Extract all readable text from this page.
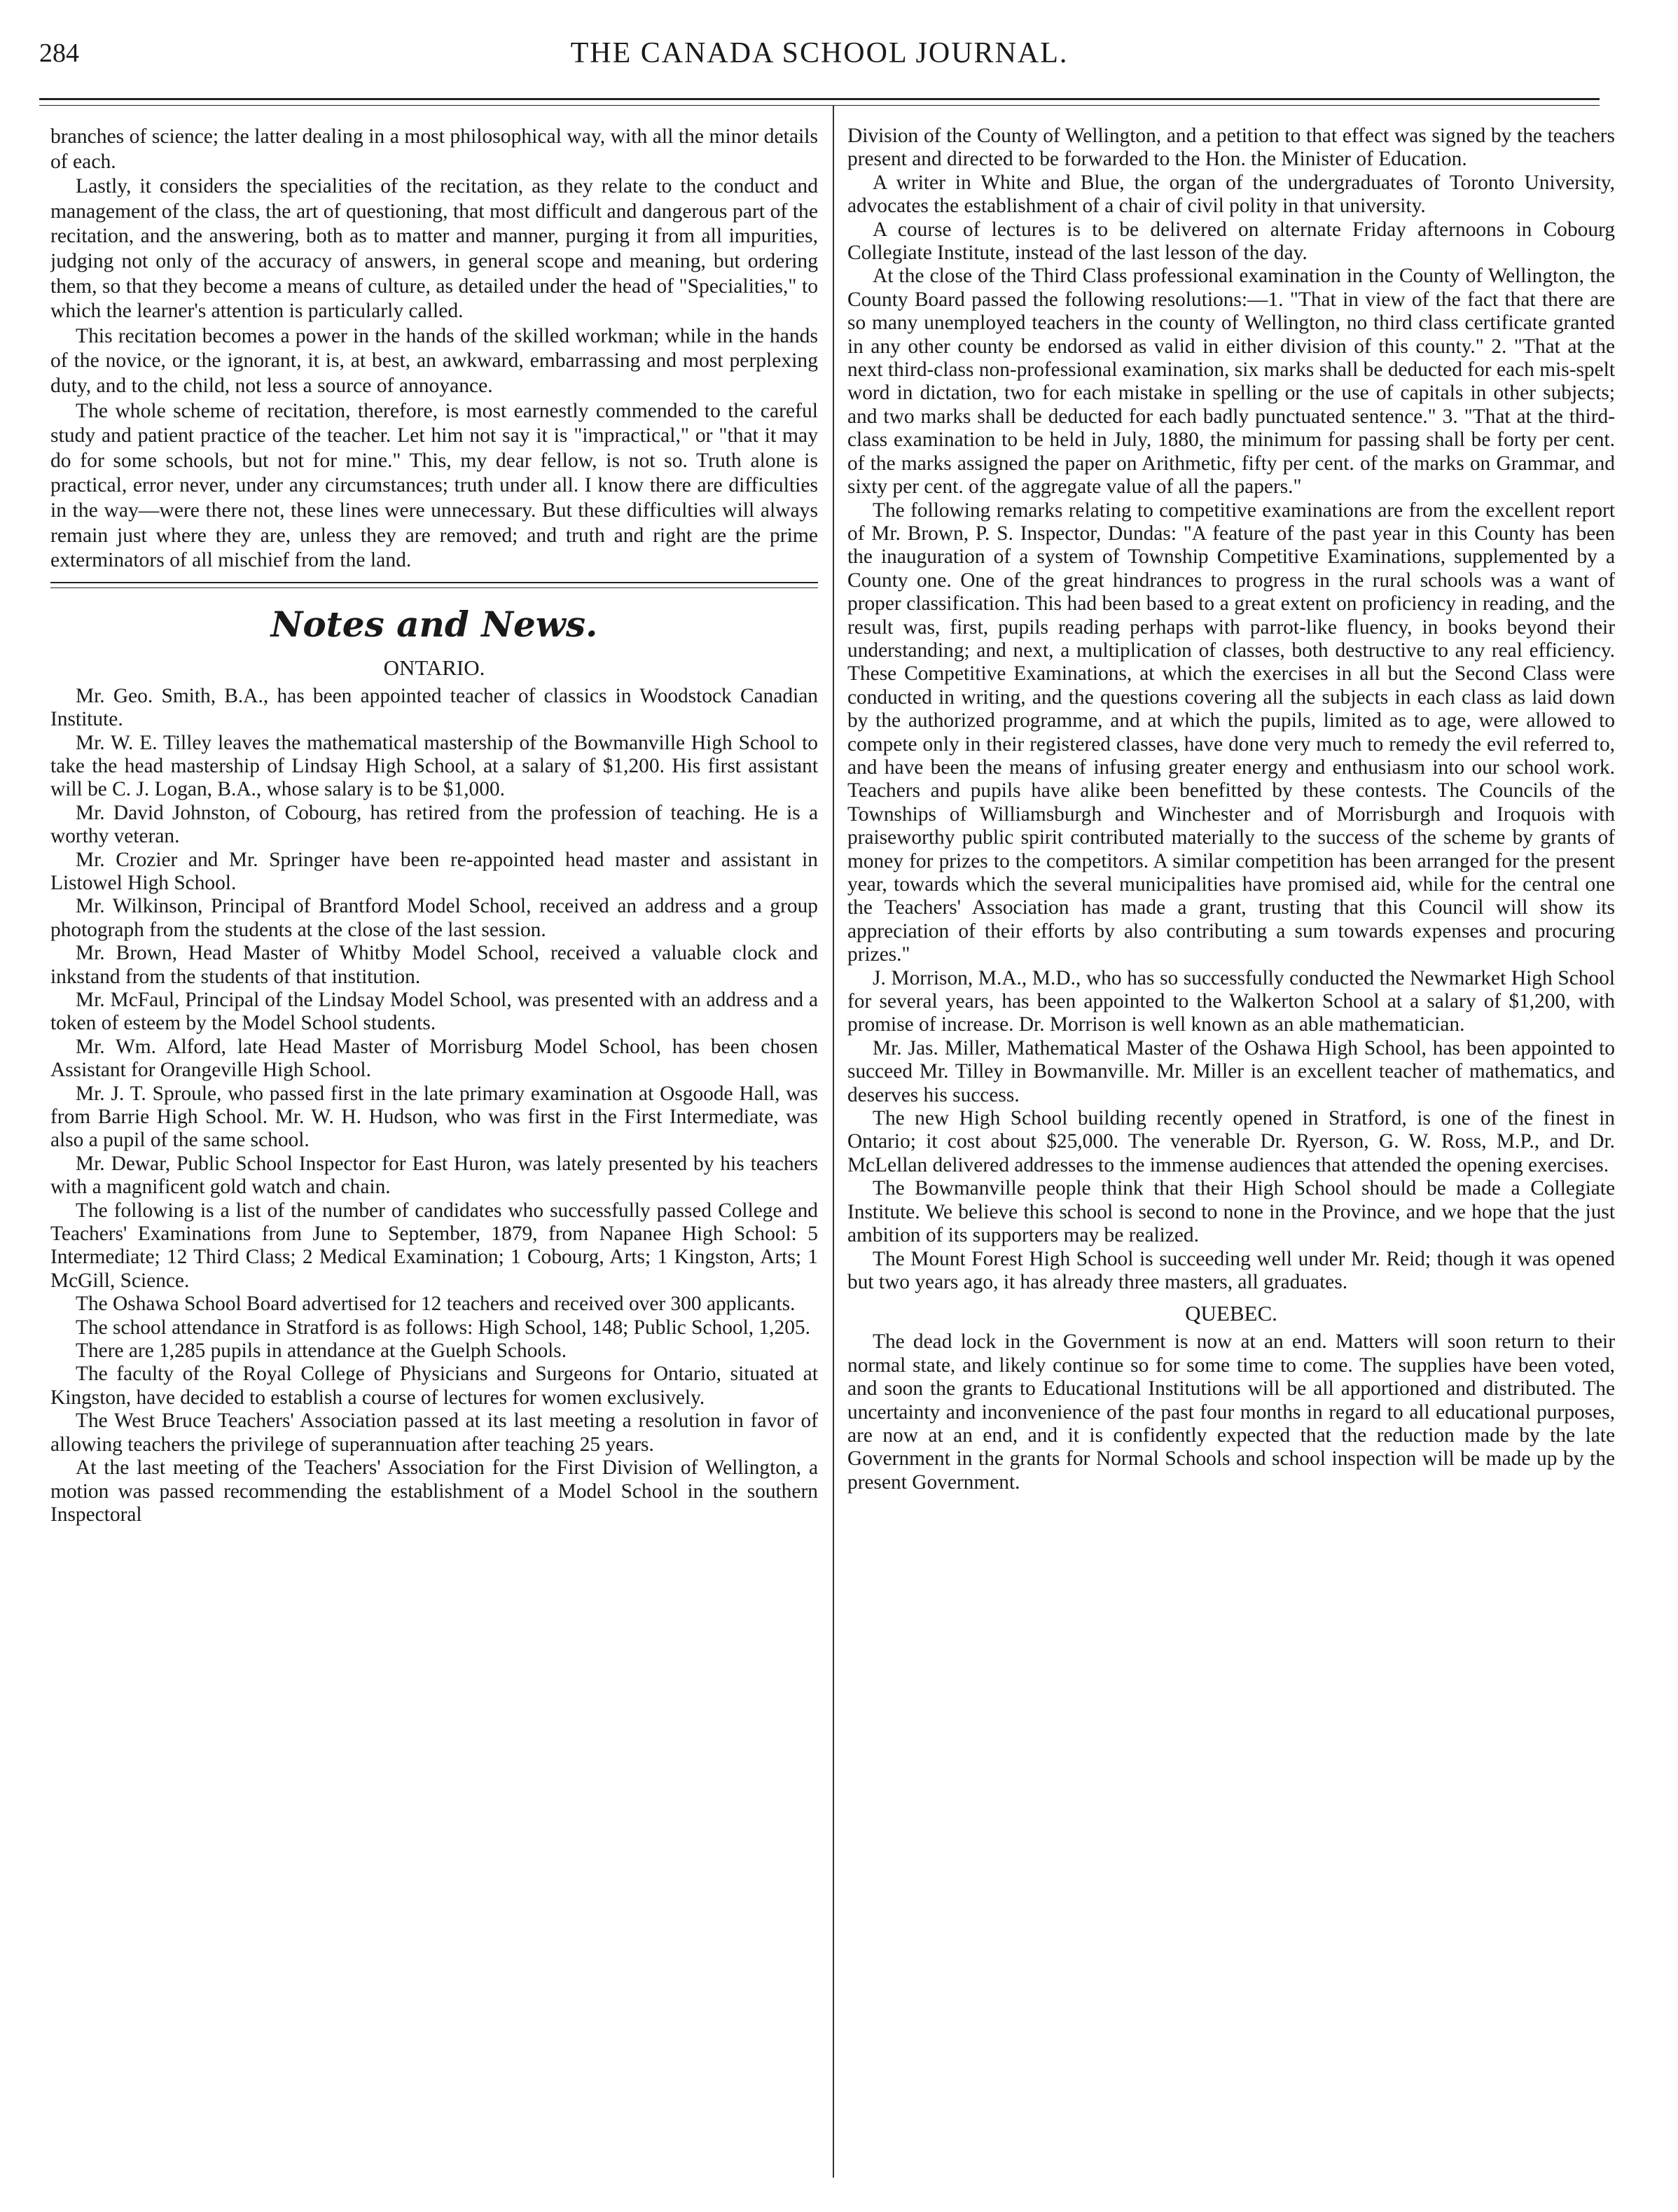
284	THE CANADA SCHOOL JOURNAL.

branches of science; the latter dealing in a most philosophical way, with all the minor details of each.

Lastly, it considers the specialities of the recitation, as they relate to the conduct and management of the class, the art of questioning, that most difficult and dangerous part of the recitation, and the answering, both as to matter and manner, purging it from all impurities, judging not only of the accuracy of answers, in general scope and meaning, but ordering them, so that they become a means of culture, as detailed under the head of "Specialities," to which the learner's attention is particularly called.

This recitation becomes a power in the hands of the skilled workman; while in the hands of the novice, or the ignorant, it is, at best, an awkward, embarrassing and most perplexing duty, and to the child, not less a source of annoyance.

The whole scheme of recitation, therefore, is most earnestly commended to the careful study and patient practice of the teacher. Let him not say it is "impractical," or "that it may do for some schools, but not for mine." This, my dear fellow, is not so. Truth alone is practical, error never, under any circumstances; truth under all. I know there are difficulties in the way—were there not, these lines were unnecessary. But these difficulties will always remain just where they are, unless they are removed; and truth and right are the prime exterminators of all mischief from the land.

Notes and News.
ONTARIO.

Mr. Geo. Smith, B.A., has been appointed teacher of classics in Woodstock Canadian Institute.

Mr. W. E. Tilley leaves the mathematical mastership of the Bowmanville High School to take the head mastership of Lindsay High School, at a salary of $1,200. His first assistant will be C. J. Logan, B.A., whose salary is to be $1,000.

Mr. David Johnston, of Cobourg, has retired from the profession of teaching. He is a worthy veteran.

Mr. Crozier and Mr. Springer have been re-appointed head master and assistant in Listowel High School.

Mr. Wilkinson, Principal of Brantford Model School, received an address and a group photograph from the students at the close of the last session.

Mr. Brown, Head Master of Whitby Model School, received a valuable clock and inkstand from the students of that institution.

Mr. McFaul, Principal of the Lindsay Model School, was presented with an address and a token of esteem by the Model School students.

Mr. Wm. Alford, late Head Master of Morrisburg Model School, has been chosen Assistant for Orangeville High School.

Mr. J. T. Sproule, who passed first in the late primary examination at Osgoode Hall, was from Barrie High School. Mr. W. H. Hudson, who was first in the First Intermediate, was also a pupil of the same school.

Mr. Dewar, Public School Inspector for East Huron, was lately presented by his teachers with a magnificent gold watch and chain.

The following is a list of the number of candidates who successfully passed College and Teachers' Examinations from June to September, 1879, from Napanee High School: 5 Intermediate; 12 Third Class; 2 Medical Examination; 1 Cobourg, Arts; 1 Kingston, Arts; 1 McGill, Science.

The Oshawa School Board advertised for 12 teachers and received over 300 applicants.

The school attendance in Stratford is as follows: High School, 148; Public School, 1,205.

There are 1,285 pupils in attendance at the Guelph Schools.

The faculty of the Royal College of Physicians and Surgeons for Ontario, situated at Kingston, have decided to establish a course of lectures for women exclusively.

The West Bruce Teachers' Association passed at its last meeting a resolution in favor of allowing teachers the privilege of superannuation after teaching 25 years.

At the last meeting of the Teachers' Association for the First Division of Wellington, a motion was passed recommending the establishment of a Model School in the southern Inspectoral

Division of the County of Wellington, and a petition to that effect was signed by the teachers present and directed to be forwarded to the Hon. the Minister of Education.

A writer in White and Blue, the organ of the undergraduates of Toronto University, advocates the establishment of a chair of civil polity in that university.

A course of lectures is to be delivered on alternate Friday afternoons in Cobourg Collegiate Institute, instead of the last lesson of the day.

At the close of the Third Class professional examination in the County of Wellington, the County Board passed the following resolutions:—1. "That in view of the fact that there are so many unemployed teachers in the county of Wellington, no third class certificate granted in any other county be endorsed as valid in either division of this county." 2. "That at the next third-class non-professional examination, six marks shall be deducted for each mis-spelt word in dictation, two for each mistake in spelling or the use of capitals in other subjects; and two marks shall be deducted for each badly punctuated sentence." 3. "That at the third-class examination to be held in July, 1880, the minimum for passing shall be forty per cent. of the marks assigned the paper on Arithmetic, fifty per cent. of the marks on Grammar, and sixty per cent. of the aggregate value of all the papers."

The following remarks relating to competitive examinations are from the excellent report of Mr. Brown, P. S. Inspector, Dundas: "A feature of the past year in this County has been the inauguration of a system of Township Competitive Examinations, supplemented by a County one. One of the great hindrances to progress in the rural schools was a want of proper classification. This had been based to a great extent on proficiency in reading, and the result was, first, pupils reading perhaps with parrot-like fluency, in books beyond their understanding; and next, a multiplication of classes, both destructive to any real efficiency. These Competitive Examinations, at which the exercises in all but the Second Class were conducted in writing, and the questions covering all the subjects in each class as laid down by the authorized programme, and at which the pupils, limited as to age, were allowed to compete only in their registered classes, have done very much to remedy the evil referred to, and have been the means of infusing greater energy and enthusiasm into our school work. Teachers and pupils have alike been benefitted by these contests. The Councils of the Townships of Williamsburgh and Winchester and of Morrisburgh and Iroquois with praiseworthy public spirit contributed materially to the success of the scheme by grants of money for prizes to the competitors. A similar competition has been arranged for the present year, towards which the several municipalities have promised aid, while for the central one the Teachers' Association has made a grant, trusting that this Council will show its appreciation of their efforts by also contributing a sum towards expenses and procuring prizes."

J. Morrison, M.A., M.D., who has so successfully conducted the Newmarket High School for several years, has been appointed to the Walkerton School at a salary of $1,200, with promise of increase. Dr. Morrison is well known as an able mathematician.

Mr. Jas. Miller, Mathematical Master of the Oshawa High School, has been appointed to succeed Mr. Tilley in Bowmanville. Mr. Miller is an excellent teacher of mathematics, and deserves his success.

The new High School building recently opened in Stratford, is one of the finest in Ontario; it cost about $25,000. The venerable Dr. Ryerson, G. W. Ross, M.P., and Dr. McLellan delivered addresses to the immense audiences that attended the opening exercises.

The Bowmanville people think that their High School should be made a Collegiate Institute. We believe this school is second to none in the Province, and we hope that the just ambition of its supporters may be realized.

The Mount Forest High School is succeeding well under Mr. Reid; though it was opened but two years ago, it has already three masters, all graduates.

QUEBEC.

The dead lock in the Government is now at an end. Matters will soon return to their normal state, and likely continue so for some time to come. The supplies have been voted, and soon the grants to Educational Institutions will be all apportioned and distributed. The uncertainty and inconvenience of the past four months in regard to all educational purposes, are now at an end, and it is confidently expected that the reduction made by the late Government in the grants for Normal Schools and school inspection will be made up by the present Government.
